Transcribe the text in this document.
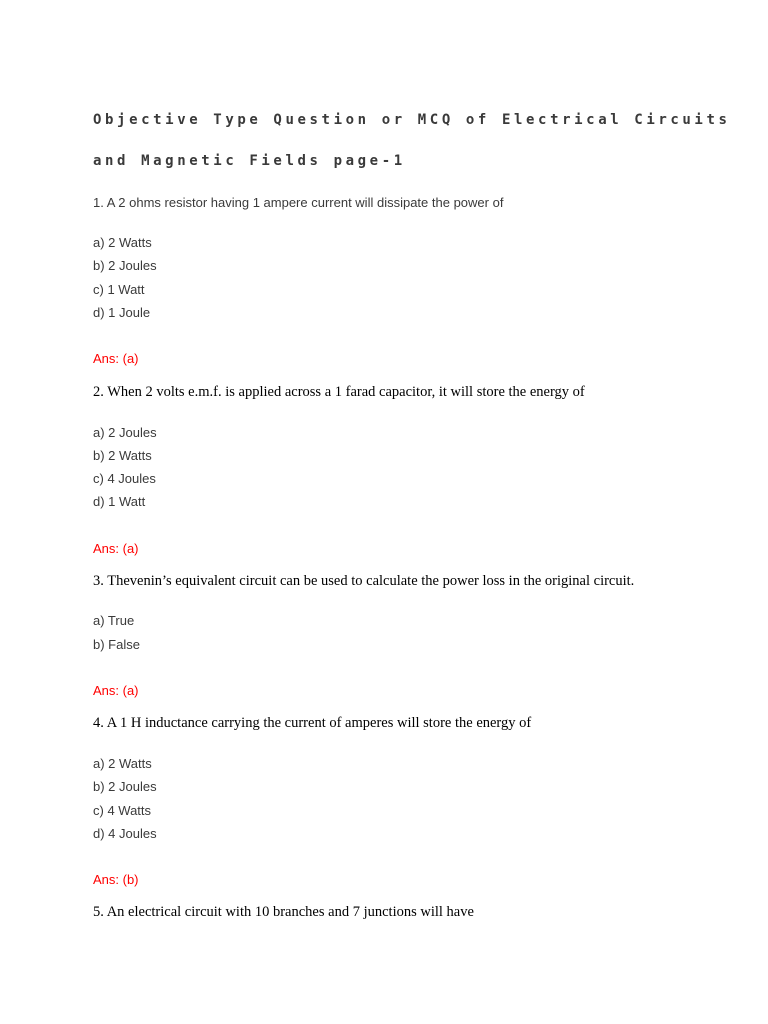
Objective Type Question or MCQ of Electrical Circuits
and Magnetic Fields page-1
1. A 2 ohms resistor having 1 ampere current will dissipate the power of
a) 2 Watts
b) 2 Joules
c) 1 Watt
d) 1 Joule
Ans: (a)
2. When 2 volts e.m.f. is applied across a 1 farad capacitor, it will store the energy of
a) 2 Joules
b) 2 Watts
c) 4 Joules
d) 1 Watt
Ans: (a)
3. Thevenin’s equivalent circuit can be used to calculate the power loss in the original circuit.
a) True
b) False
Ans: (a)
4. A 1 H inductance carrying the current of amperes will store the energy of
a) 2 Watts
b) 2 Joules
c) 4 Watts
d) 4 Joules
Ans: (b)
5. An electrical circuit with 10 branches and 7 junctions will have
